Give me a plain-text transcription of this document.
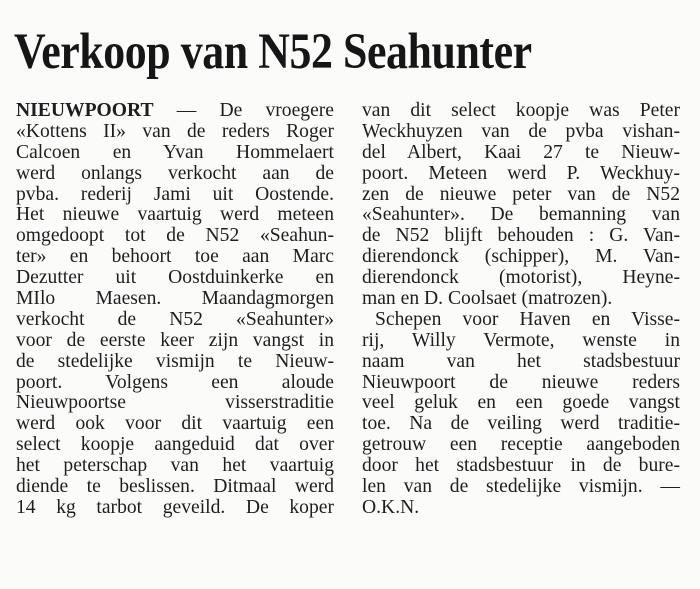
Verkoop van N52 Seahunter
NIEUWPOORT — De vroegere
«Kottens II» van de reders Roger
Calcoen en Yvan Hommelaert
werd onlangs verkocht aan de
pvba. rederij Jami uit Oostende.
Het nieuwe vaartuig werd meteen
omgedoopt tot de N52 «Seahun-
ter» en behoort toe aan Marc
Dezutter uit Oostduinkerke en
MIlo Maesen. Maandagmorgen
verkocht de N52 «Seahunter»
voor de eerste keer zijn vangst in
de stedelijke vismijn te Nieuw-
poort. Volgens een aloude
Nieuwpoortse visserstraditie
werd ook voor dit vaartuig een
select koopje aangeduid dat over
het peterschap van het vaartuig
diende te beslissen. Ditmaal werd
14 kg tarbot geveild. De koper
van dit select koopje was Peter
Weckhuyzen van de pvba vishan-
del Albert, Kaai 27 te Nieuw-
poort. Meteen werd P. Weckhuy-
zen de nieuwe peter van de N52
«Seahunter». De bemanning van
de N52 blijft behouden : G. Van-
dierendonck (schipper), M. Van-
dierendonck (motorist), Heyne-
man en D. Coolsaet (matrozen).
Schepen voor Haven en Visse-
rij, Willy Vermote, wenste in
naam van het stadsbestuur
Nieuwpoort de nieuwe reders
veel geluk en een goede vangst
toe. Na de veiling werd traditie-
getrouw een receptie aangeboden
door het stadsbestuur in de bure-
len van de stedelijke vismijn. —
O.K.N.
